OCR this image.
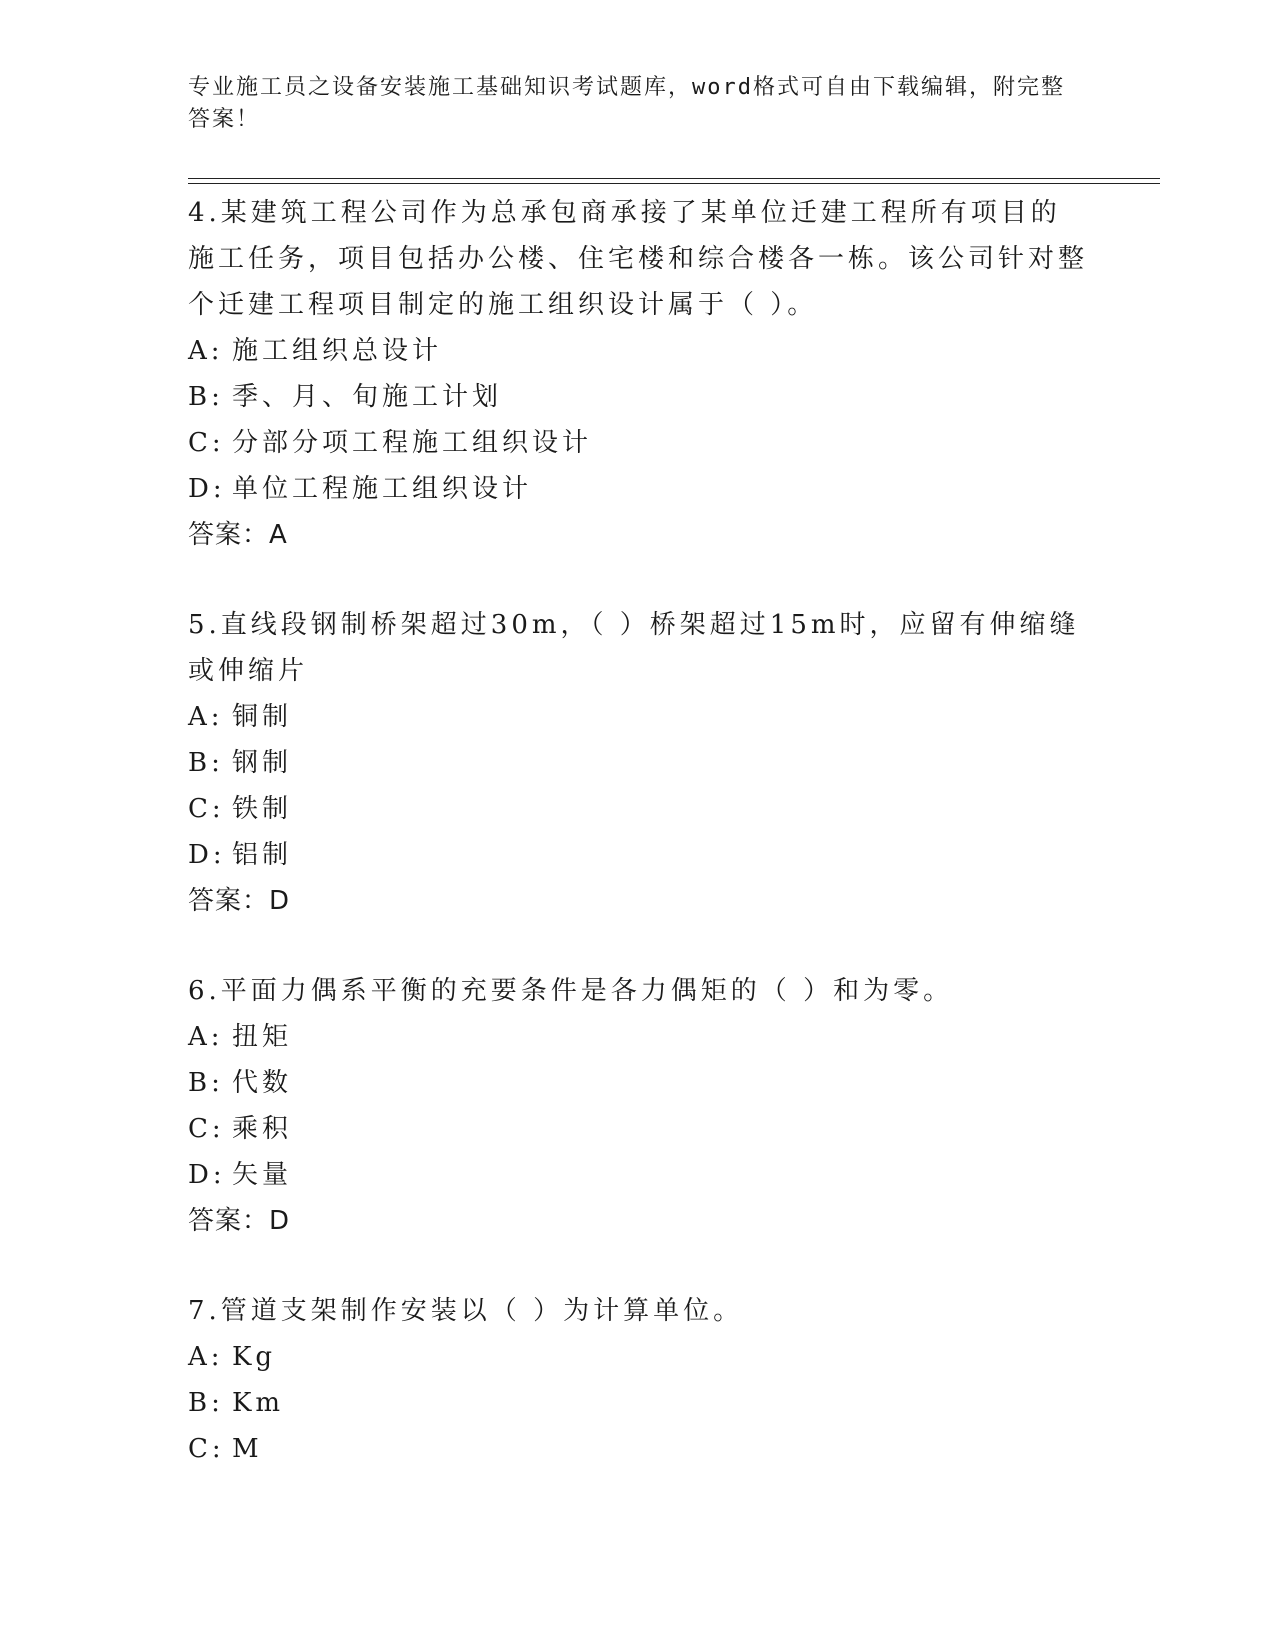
专业施工员之设备安装施工基础知识考试题库，word格式可自由下载编辑，附完整答案！

4.某建筑工程公司作为总承包商承接了某单位迁建工程所有项目的施工任务，项目包括办公楼、住宅楼和综合楼各一栋。该公司针对整个迁建工程项目制定的施工组织设计属于（ ）。

A: 施工组织总设计
B: 季、月、旬施工计划
C: 分部分项工程施工组织设计
D: 单位工程施工组织设计
答案：A

5.直线段钢制桥架超过30m，（ ）桥架超过15m时，应留有伸缩缝或伸缩片

A: 铜制
B: 钢制
C: 铁制
D: 铝制
答案：D

6.平面力偶系平衡的充要条件是各力偶矩的（ ）和为零。

A: 扭矩
B: 代数
C: 乘积
D: 矢量
答案：D

7.管道支架制作安装以（ ）为计算单位。

A: Kg
B: Km
C: M
